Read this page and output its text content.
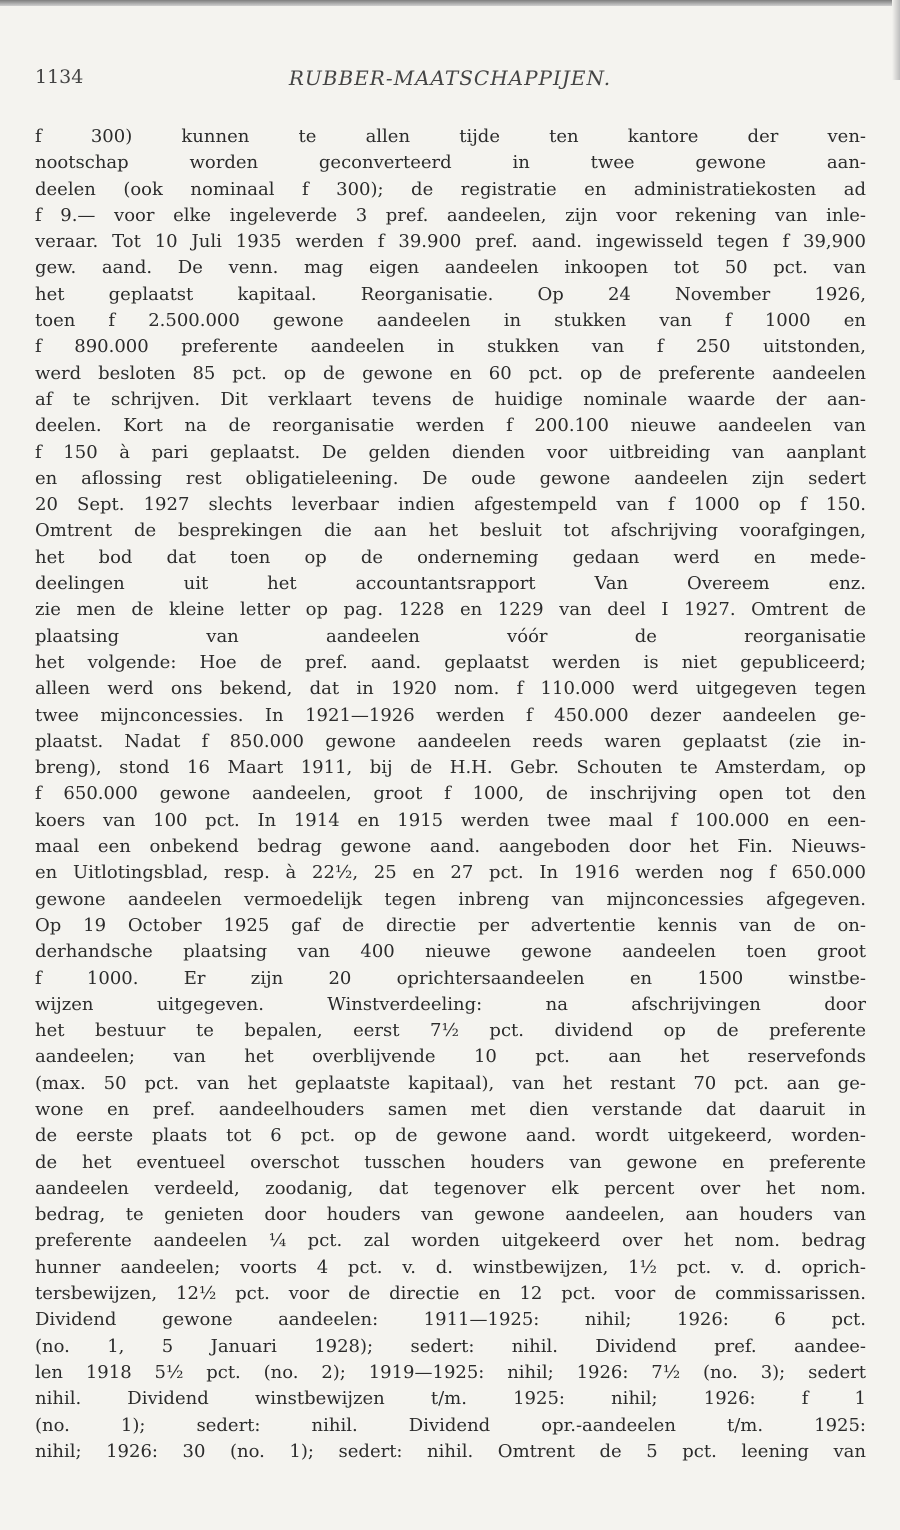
1134	RUBBER-MAATSCHAPPIJEN.
f 300) kunnen te allen tijde ten kantore der ven-
nootschap worden geconverteerd in twee gewone aan-
deelen (ook nominaal f 300); de registratie en administratiekosten ad
f 9.— voor elke ingeleverde 3 pref. aandeelen, zijn voor rekening van inle-
veraar. Tot 10 Juli 1935 werden f 39.900 pref. aand. ingewisseld tegen f 39,900
gew. aand. De venn. mag eigen aandeelen inkoopen tot 50 pct. van
het geplaatst kapitaal. Reorganisatie. Op 24 November 1926,
toen f 2.500.000 gewone aandeelen in stukken van f 1000 en
f 890.000 preferente aandeelen in stukken van f 250 uitstonden,
werd besloten 85 pct. op de gewone en 60 pct. op de preferente aandeelen
af te schrijven. Dit verklaart tevens de huidige nominale waarde der aan-
deelen. Kort na de reorganisatie werden f 200.100 nieuwe aandeelen van
f 150 à pari geplaatst. De gelden dienden voor uitbreiding van aanplant
en aflossing rest obligatieleening. De oude gewone aandeelen zijn sedert
20 Sept. 1927 slechts leverbaar indien afgestempeld van f 1000 op f 150.
Omtrent de besprekingen die aan het besluit tot afschrijving voorafgingen,
het bod dat toen op de onderneming gedaan werd en mede-
deelingen uit het accountantsrapport Van Overeem enz.
zie men de kleine letter op pag. 1228 en 1229 van deel I 1927. Omtrent de
plaatsing van aandeelen vóór de reorganisatie
het volgende: Hoe de pref. aand. geplaatst werden is niet gepubliceerd;
alleen werd ons bekend, dat in 1920 nom. f 110.000 werd uitgegeven tegen
twee mijnconcessies. In 1921—1926 werden f 450.000 dezer aandeelen ge-
plaatst. Nadat f 850.000 gewone aandeelen reeds waren geplaatst (zie in-
breng), stond 16 Maart 1911, bij de H.H. Gebr. Schouten te Amsterdam, op
f 650.000 gewone aandeelen, groot f 1000, de inschrijving open tot den
koers van 100 pct. In 1914 en 1915 werden twee maal f 100.000 en een-
maal een onbekend bedrag gewone aand. aangeboden door het Fin. Nieuws-
en Uitlotingsblad, resp. à 22½, 25 en 27 pct. In 1916 werden nog f 650.000
gewone aandeelen vermoedelijk tegen inbreng van mijnconcessies afgegeven.
Op 19 October 1925 gaf de directie per advertentie kennis van de on-
derhandsche plaatsing van 400 nieuwe gewone aandeelen toen groot
f 1000. Er zijn 20 oprichtersaandeelen en 1500 winstbe-
wijzen uitgegeven. Winstverdeeling: na afschrijvingen door
het bestuur te bepalen, eerst 7½ pct. dividend op de preferente
aandeelen; van het overblijvende 10 pct. aan het reservefonds
(max. 50 pct. van het geplaatste kapitaal), van het restant 70 pct. aan ge-
wone en pref. aandeelhouders samen met dien verstande dat daaruit in
de eerste plaats tot 6 pct. op de gewone aand. wordt uitgekeerd, worden-
de het eventueel overschot tusschen houders van gewone en preferente
aandeelen verdeeld, zoodanig, dat tegenover elk percent over het nom.
bedrag, te genieten door houders van gewone aandeelen, aan houders van
preferente aandeelen ¼ pct. zal worden uitgekeerd over het nom. bedrag
hunner aandeelen; voorts 4 pct. v. d. winstbewijzen, 1½ pct. v. d. oprich-
tersbewijzen, 12½ pct. voor de directie en 12 pct. voor de commissarissen.
Dividend gewone aandeelen: 1911—1925: nihil; 1926: 6 pct.
(no. 1, 5 Januari 1928); sedert: nihil. Dividend pref. aandee-
len 1918 5½ pct. (no. 2); 1919—1925: nihil; 1926: 7½ (no. 3); sedert
nihil. Dividend winstbewijzen t/m. 1925: nihil; 1926: f 1
(no. 1); sedert: nihil. Dividend opr.-aandeelen t/m. 1925:
nihil; 1926: 30 (no. 1); sedert: nihil. Omtrent de 5 pct. leening van
